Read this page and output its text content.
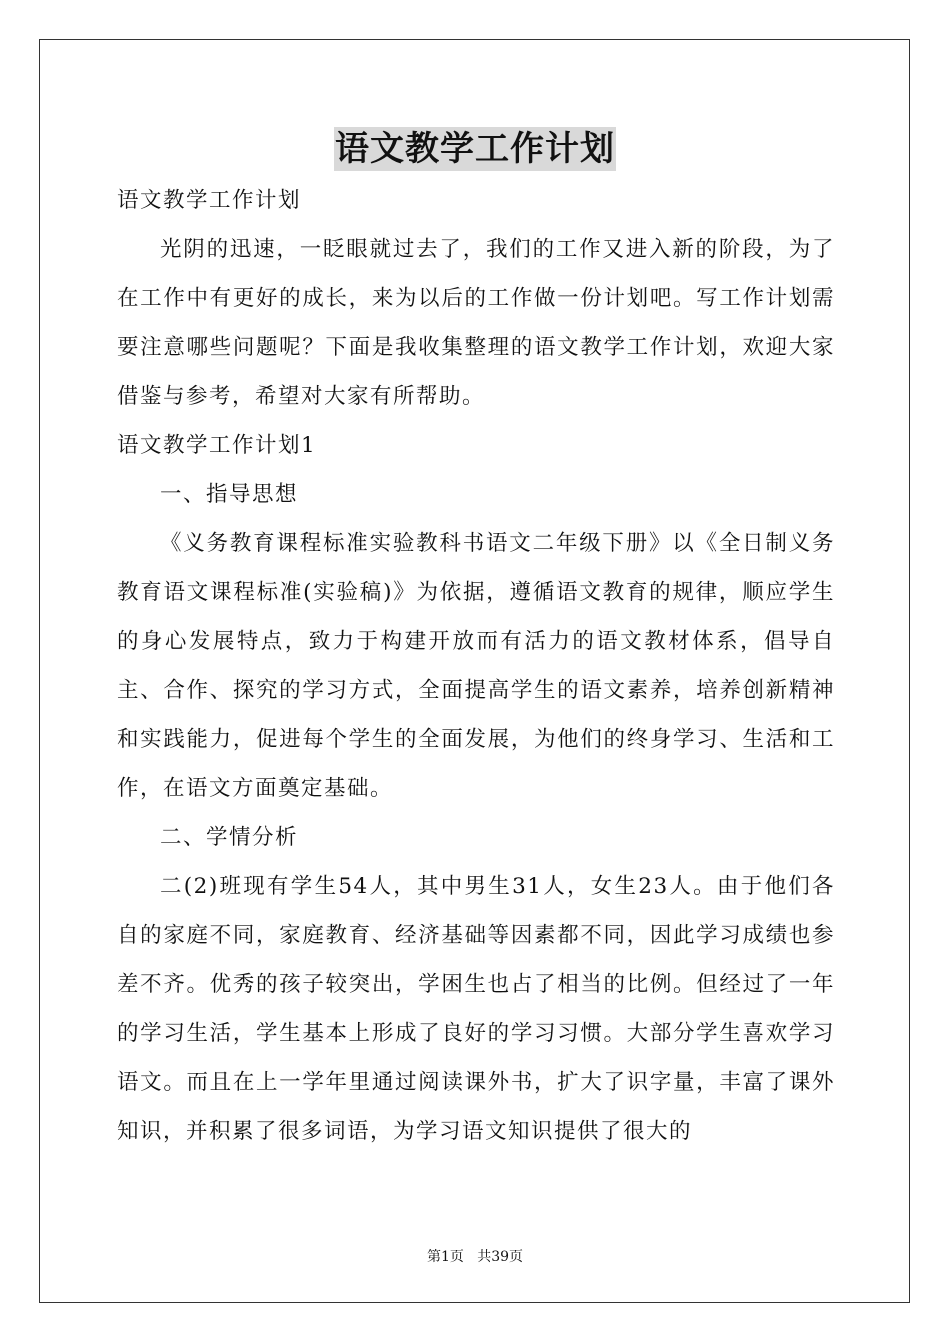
语文教学工作计划

语文教学工作计划

光阴的迅速，一眨眼就过去了，我们的工作又进入新的阶段，为了在工作中有更好的成长，来为以后的工作做一份计划吧。写工作计划需要注意哪些问题呢？下面是我收集整理的语文教学工作计划，欢迎大家借鉴与参考，希望对大家有所帮助。

语文教学工作计划1

一、指导思想

《义务教育课程标准实验教科书语文二年级下册》以《全日制义务教育语文课程标准(实验稿)》为依据，遵循语文教育的规律，顺应学生的身心发展特点，致力于构建开放而有活力的语文教材体系，倡导自主、合作、探究的学习方式，全面提高学生的语文素养，培养创新精神和实践能力，促进每个学生的全面发展，为他们的终身学习、生活和工作，在语文方面奠定基础。

二、学情分析

二(2)班现有学生54人，其中男生31人，女生23人。由于他们各自的家庭不同，家庭教育、经济基础等因素都不同，因此学习成绩也参差不齐。优秀的孩子较突出，学困生也占了相当的比例。但经过了一年的学习生活，学生基本上形成了良好的学习习惯。大部分学生喜欢学习语文。而且在上一学年里通过阅读课外书，扩大了识字量，丰富了课外知识，并积累了很多词语，为学习语文知识提供了很大的

第1页   共39页
